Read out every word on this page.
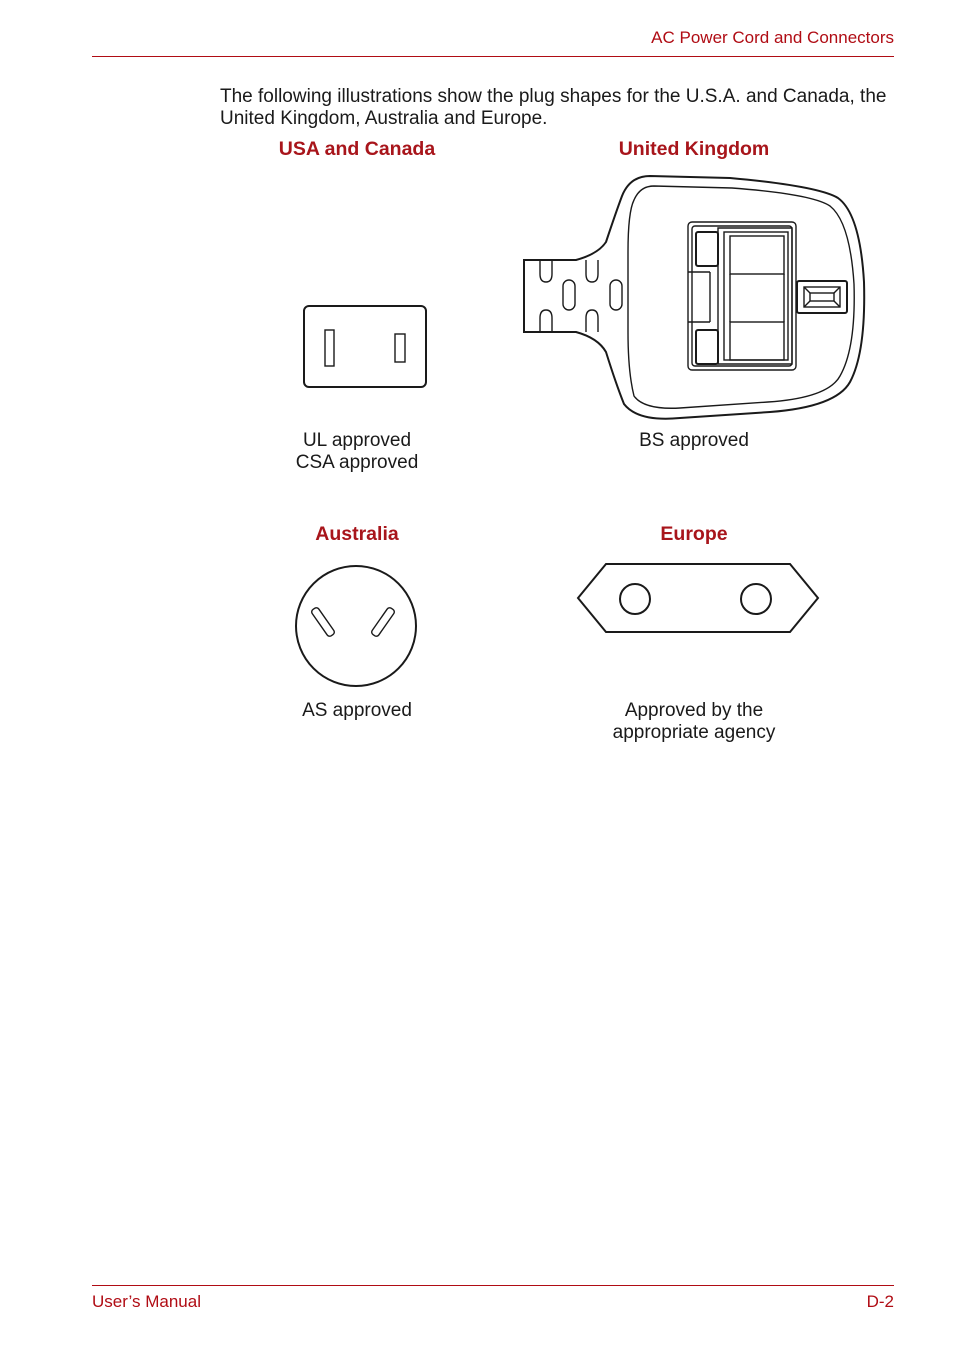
AC Power Cord and Connectors

The following illustrations show the plug shapes for the U.S.A. and Canada, the United Kingdom, Australia and Europe.

USA and Canada
UL approved
CSA approved
United Kingdom
BS approved
Australia
AS approved
Europe
Approved by the
appropriate agency
User’s Manual	D-2
